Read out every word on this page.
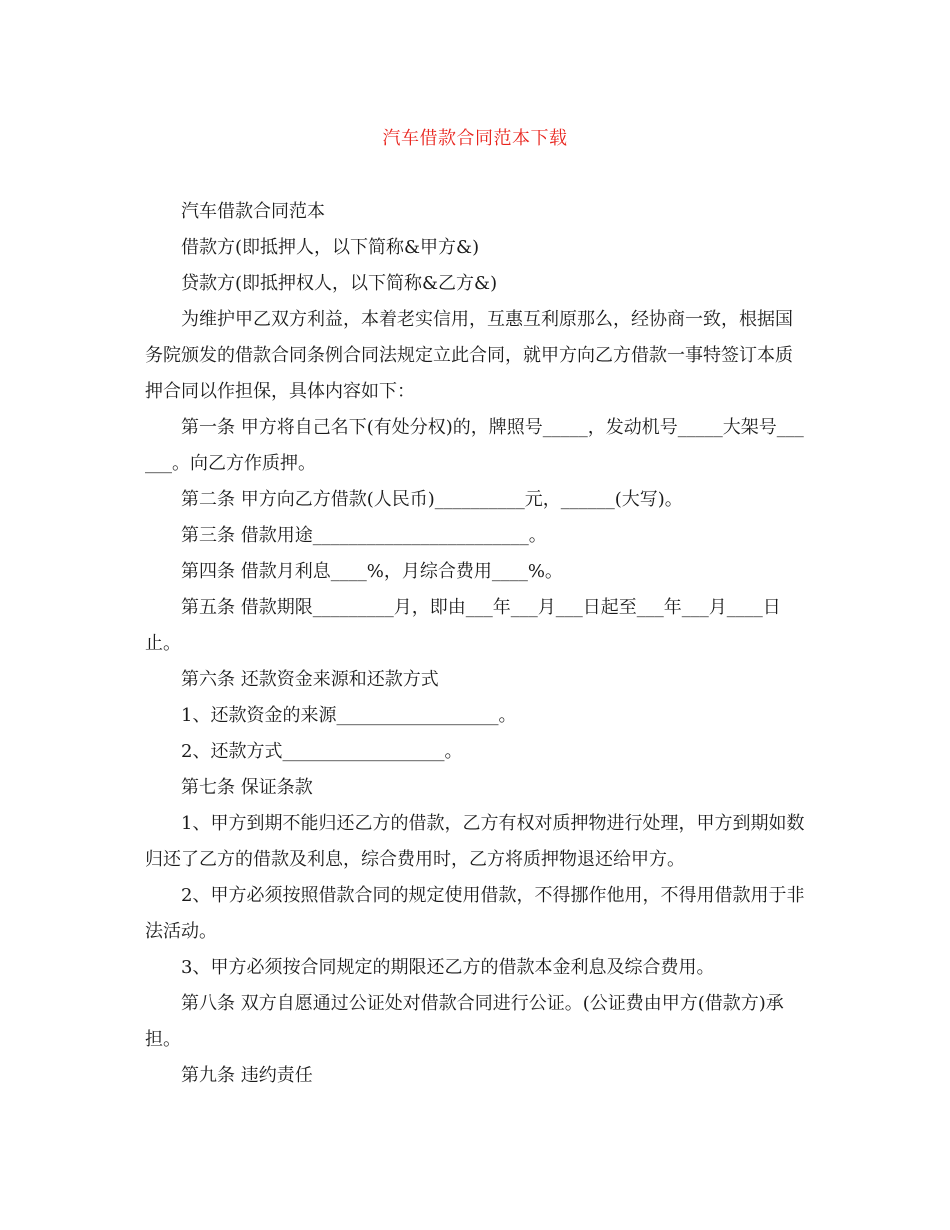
汽车借款合同范本下载

汽车借款合同范本

借款方(即抵押人，以下简称&甲方&)

贷款方(即抵押权人，以下简称&乙方&)

为维护甲乙双方利益，本着老实信用，互惠互利原那么，经协商一致，根据国务院颁发的借款合同条例合同法规定立此合同，就甲方向乙方借款一事特签订本质押合同以作担保，具体内容如下：

第一条 甲方将自己名下(有处分权)的，牌照号_____，发动机号_____大架号______。向乙方作质押。

第二条 甲方向乙方借款(人民币)__________元，______(大写)。

第三条 借款用途________________________。

第四条 借款月利息____%，月综合费用____%。

第五条 借款期限_________月，即由___年___月___日起至___年___月____日止。

第六条 还款资金来源和还款方式

1、还款资金的来源__________________。

2、还款方式__________________。

第七条 保证条款

1、甲方到期不能归还乙方的借款，乙方有权对质押物进行处理，甲方到期如数归还了乙方的借款及利息，综合费用时，乙方将质押物退还给甲方。

2、甲方必须按照借款合同的规定使用借款，不得挪作他用，不得用借款用于非法活动。

3、甲方必须按合同规定的期限还乙方的借款本金利息及综合费用。

第八条 双方自愿通过公证处对借款合同进行公证。(公证费由甲方(借款方)承担。

第九条 违约责任
